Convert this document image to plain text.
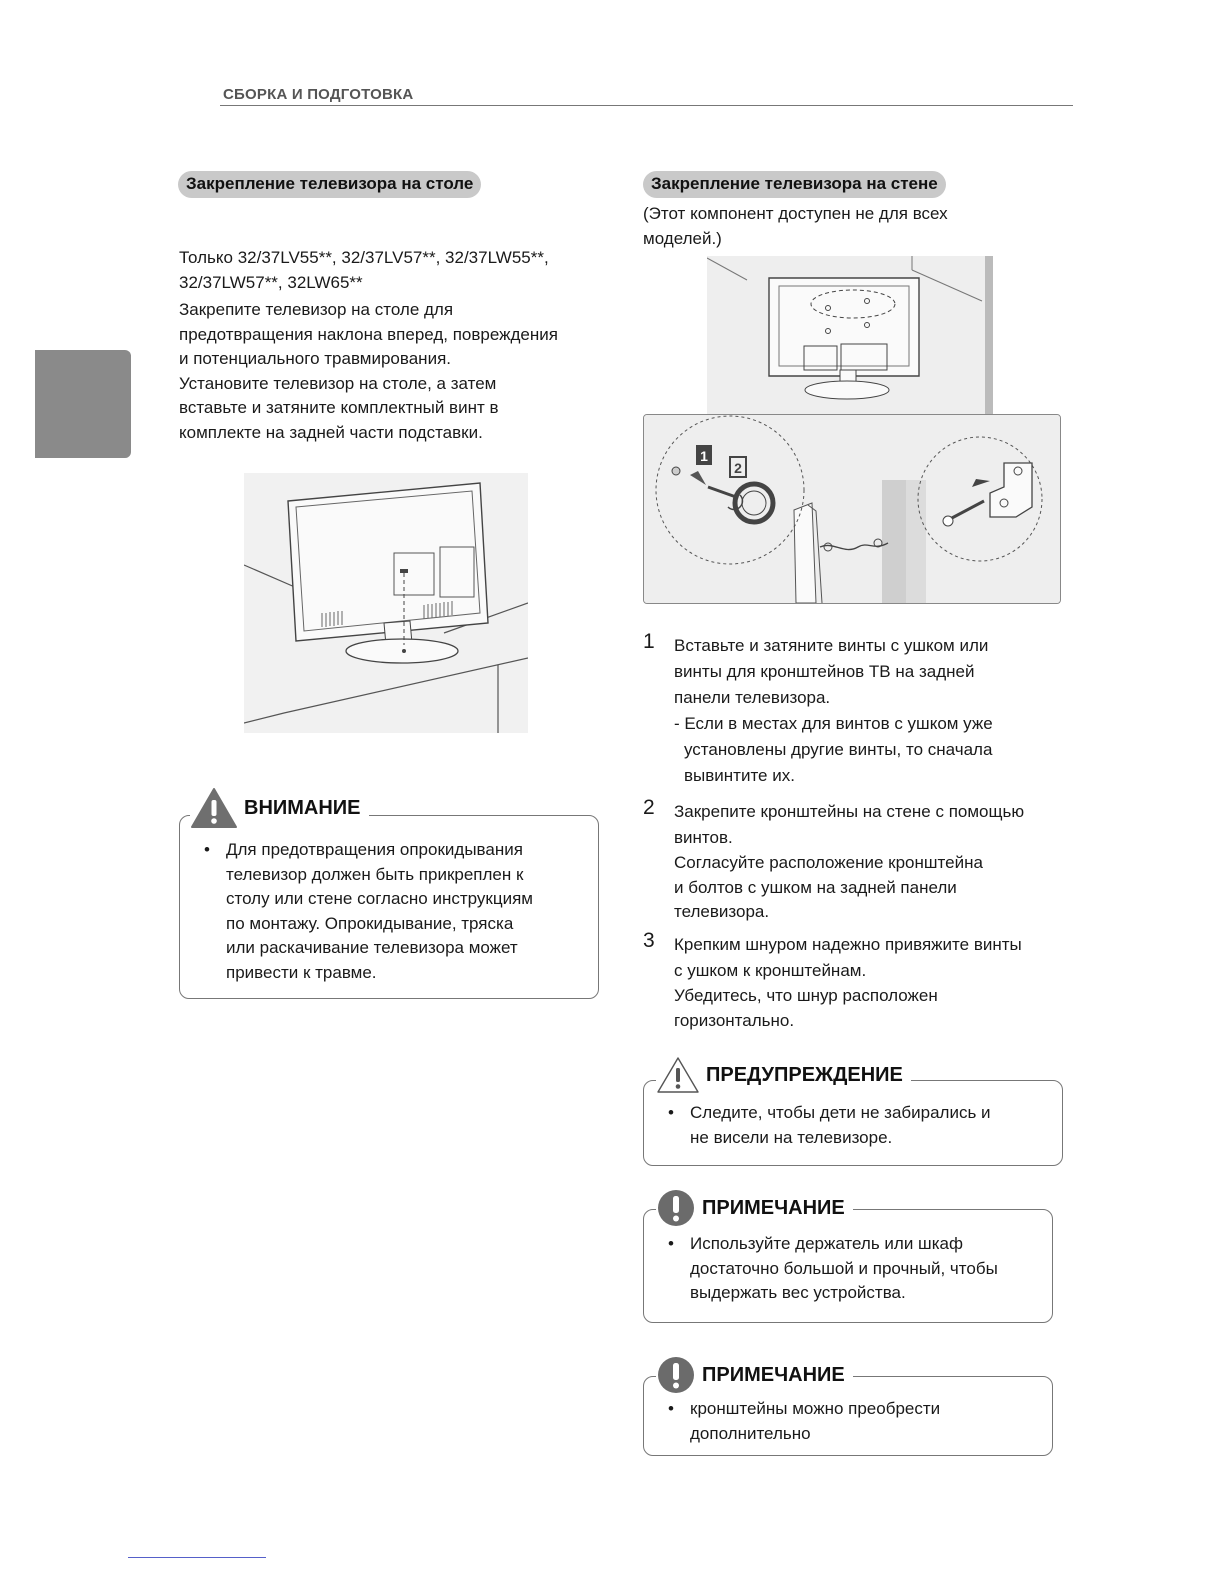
СБОРКА И ПОДГОТОВКА
Закрепление телевизора на столе

Только 32/37LV55**, 32/37LV57**, 32/37LW55**,

32/37LW57**, 32LW65**

Закрепите телевизор на столе для

предотвращения наклона вперед, повреждения

и потенциального травмирования.

Установите телевизор на столе, а затем

вставьте и затяните комплектный винт в

комплекте на задней части подставки.

• Для предотвращения опрокидывания
телевизор должен быть прикреплен к
столу или стене согласно инструкциям
по монтажу. Опрокидывание, тряска
или раскачивание телевизора может
привести к травме.
ВНИМАНИЕ
Закрепление телевизора на стене

(Этот компонент доступен не для всех

моделей.)

1
2
1 Вставьте и затяните винты с ушком или
винты для кронштейнов ТВ на задней
панели телевизора.
- Если в местах для винтов с ушком уже
установлены другие винты, то сначала
вывинтите их.
2 Закрепите кронштейны на стене с помощью
винтов.
Согласуйте расположение кронштейна
и болтов с ушком на задней панели
телевизора.
3 Крепким шнуром надежно привяжите винты
с ушком к кронштейнам.
Убедитесь, что шнур расположен
горизонтально.
• Следите, чтобы дети не забирались и
не висели на телевизоре.
ПРЕДУПРЕЖДЕНИЕ
• Используйте держатель или шкаф
достаточно большой и прочный, чтобы
выдержать вес устройства.
ПРИМЕЧАНИЕ
• кронштейны можно преобрести
дополнительно
ПРИМЕЧАНИЕ
